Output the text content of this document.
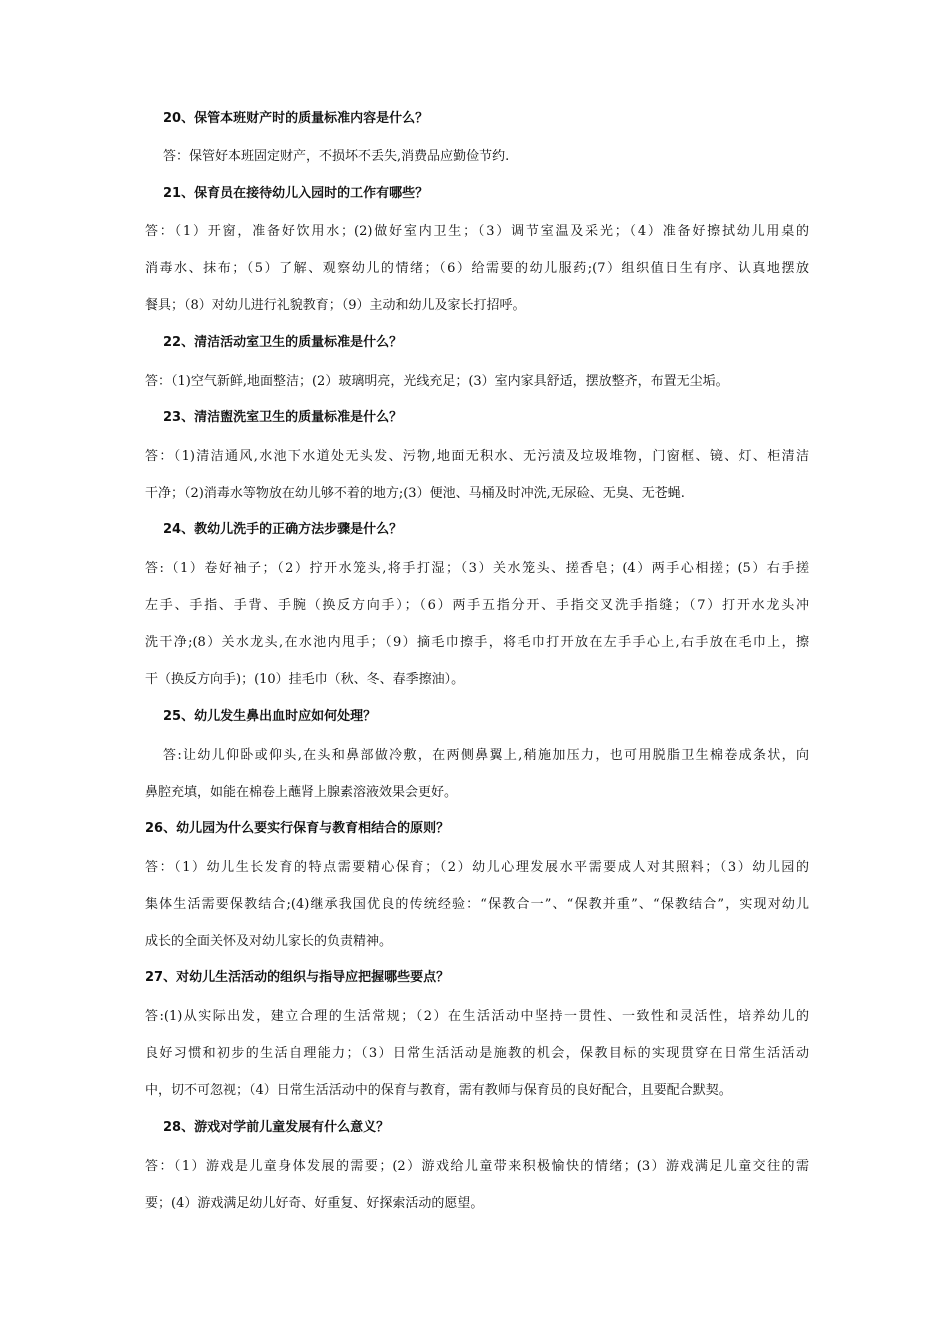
20、保管本班财产时的质量标准内容是什么？
答：保管好本班固定财产，不损坏不丢失,消费品应勤俭节约.
21、保育员在接待幼儿入园时的工作有哪些？
答：（1）开窗，准备好饮用水；(2)做好室内卫生；（3）调节室温及采光；（4）准备好擦拭幼儿用桌的
消毒水、抹布；（5）了解、观察幼儿的情绪；（6）给需要的幼儿服药;(7）组织值日生有序、认真地摆放
餐具；（8）对幼儿进行礼貌教育；（9）主动和幼儿及家长打招呼。
22、清洁活动室卫生的质量标准是什么？
答：（1)空气新鲜,地面整洁；(2）玻璃明亮，光线充足；(3）室内家具舒适，摆放整齐，布置无尘垢。
23、清洁盥洗室卫生的质量标准是什么？
答：（1)清洁通风,水池下水道处无头发、污物,地面无积水、无污渍及垃圾堆物，门窗框、镜、灯、柜清洁
干净；（2)消毒水等物放在幼儿够不着的地方;(3）便池、马桶及时冲洗,无尿硷、无臭、无苍蝇.
24、教幼儿洗手的正确方法步骤是什么？
答:（1）卷好袖子；（2）拧开水笼头,将手打湿；（3）关水笼头、搓香皂；(4）两手心相搓；(5）右手搓
左手、手指、手背、手腕（换反方向手）；（6）两手五指分开、手指交叉洗手指缝；（7）打开水龙头冲
洗干净;(8）关水龙头,在水池内甩手；（9）摘毛巾擦手，将毛巾打开放在左手手心上,右手放在毛巾上，擦
干（换反方向手)；(10）挂毛巾（秋、冬、春季擦油）。
25、幼儿发生鼻出血时应如何处理？
答:让幼儿仰卧或仰头,在头和鼻部做冷敷，在两侧鼻翼上,稍施加压力，也可用脱脂卫生棉卷成条状，向
鼻腔充填，如能在棉卷上蘸肾上腺素溶液效果会更好。
26、幼儿园为什么要实行保育与教育相结合的原则？
答：（1）幼儿生长发育的特点需要精心保育；（2）幼儿心理发展水平需要成人对其照料；（3）幼儿园的
集体生活需要保教结合;(4)继承我国优良的传统经验：“保教合一”、“保教并重”、“保教结合”，实现对幼儿
成长的全面关怀及对幼儿家长的负责精神。
27、对幼儿生活活动的组织与指导应把握哪些要点？
答:(1)从实际出发，建立合理的生活常规；（2）在生活活动中坚持一贯性、一致性和灵活性，培养幼儿的
良好习惯和初步的生活自理能力；（3）日常生活活动是施教的机会，保教目标的实现贯穿在日常生活活动
中，切不可忽视；（4）日常生活活动中的保育与教育，需有教师与保育员的良好配合，且要配合默契。
28、游戏对学前儿童发展有什么意义？
答：（1）游戏是儿童身体发展的需要；(2）游戏给儿童带来积极愉快的情绪；(3）游戏满足儿童交往的需
要；(4）游戏满足幼儿好奇、好重复、好探索活动的愿望。
